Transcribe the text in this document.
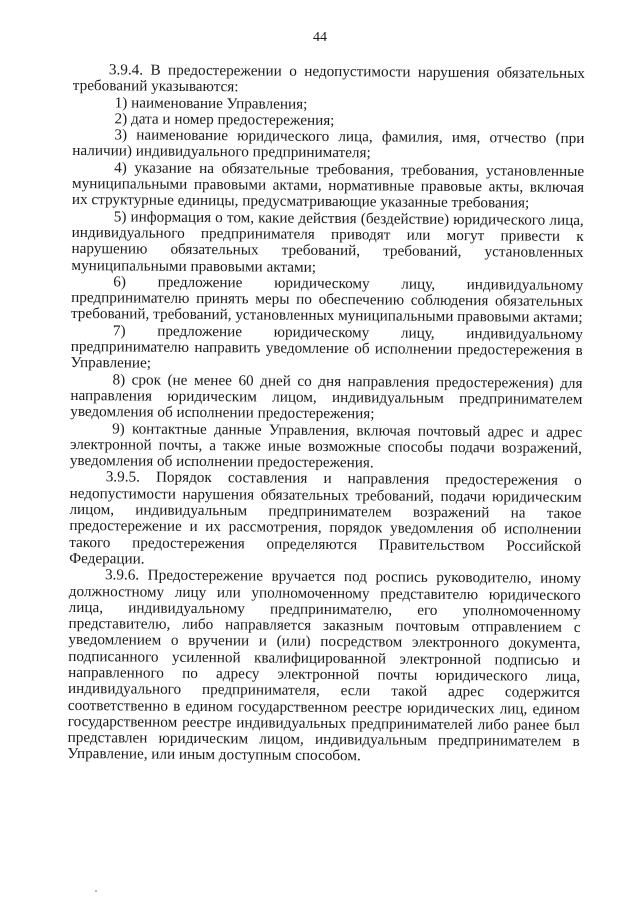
44

3.9.4. В предостережении о недопустимости нарушения обязательных требований указываются:

1) наименование Управления;

2) дата и номер предостережения;

3) наименование юридического лица, фамилия, имя, отчество (при наличии) индивидуального предпринимателя;

4) указание на обязательные требования, требования, установленные муниципальными правовыми актами, нормативные правовые акты, включая их структурные единицы, предусматривающие указанные требования;

5) информация о том, какие действия (бездействие) юридического лица, индивидуального предпринимателя приводят или могут привести к нарушению обязательных требований, требований, установленных муниципальными правовыми актами;

6) предложение юридическому лицу, индивидуальному предпринимателю принять меры по обеспечению соблюдения обязательных требований, требований, установленных муниципальными правовыми актами;

7) предложение юридическому лицу, индивидуальному предпринимателю направить уведомление об исполнении предостережения в Управление;

8) срок (не менее 60 дней со дня направления предостережения) для направления юридическим лицом, индивидуальным предпринимателем уведомления об исполнении предостережения;

9) контактные данные Управления, включая почтовый адрес и адрес электронной почты, а также иные возможные способы подачи возражений, уведомления об исполнении предостережения.

3.9.5. Порядок составления и направления предостережения о недопустимости нарушения обязательных требований, подачи юридическим лицом, индивидуальным предпринимателем возражений на такое предостережение и их рассмотрения, порядок уведомления об исполнении такого предостережения определяются Правительством Российской Федерации.

3.9.6. Предостережение вручается под роспись руководителю, иному должностному лицу или уполномоченному представителю юридического лица, индивидуальному предпринимателю, его уполномоченному представителю, либо направляется заказным почтовым отправлением с уведомлением о вручении и (или) посредством электронного документа, подписанного усиленной квалифицированной электронной подписью и направленного по адресу электронной почты юридического лица, индивидуального предпринимателя, если такой адрес содержится соответственно в едином государственном реестре юридических лиц, едином государственном реестре индивидуальных предпринимателей либо ранее был представлен юридическим лицом, индивидуальным предпринимателем в Управление, или иным доступным способом.
